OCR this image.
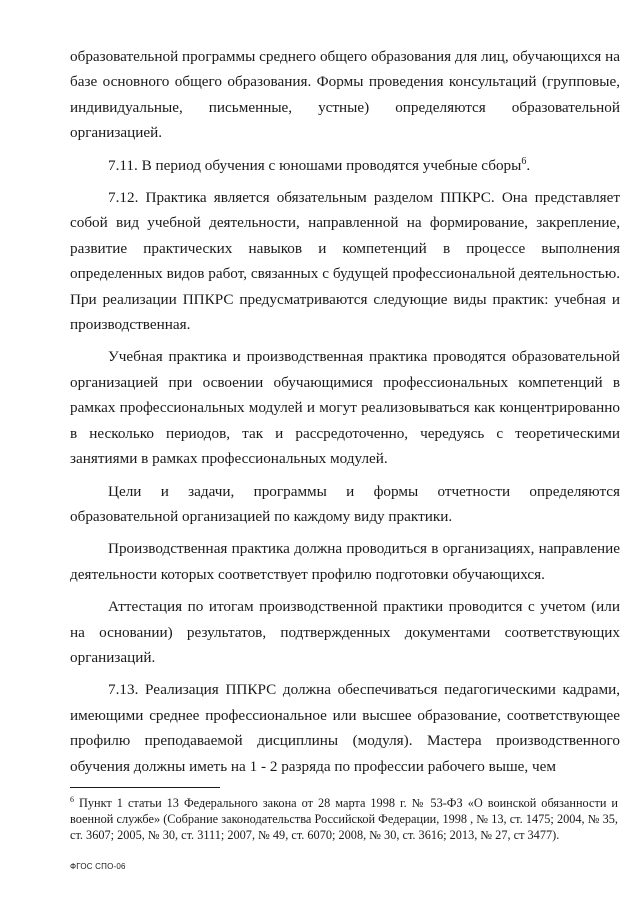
образовательной программы среднего общего образования для лиц, обучающихся на базе основного общего образования. Формы проведения консультаций (групповые, индивидуальные, письменные, устные) определяются образовательной организацией.

7.11. В период обучения с юношами проводятся учебные сборы$^6$.

7.12. Практика является обязательным разделом ППКРС. Она представляет собой вид учебной деятельности, направленной на формирование, закрепление, развитие практических навыков и компетенций в процессе выполнения определенных видов работ, связанных с будущей профессиональной деятельностью. При реализации ППКРС предусматриваются следующие виды практик: учебная и производственная.

Учебная практика и производственная практика проводятся образовательной организацией при освоении обучающимися профессиональных компетенций в рамках профессиональных модулей и могут реализовываться как концентрированно в несколько периодов, так и рассредоточенно, чередуясь с теоретическими занятиями в рамках профессиональных модулей.

Цели и задачи, программы и формы отчетности определяются образовательной организацией по каждому виду практики.

Производственная практика должна проводиться в организациях, направление деятельности которых соответствует профилю подготовки обучающихся.

Аттестация по итогам производственной практики проводится с учетом (или на основании) результатов, подтвержденных документами соответствующих организаций.

7.13. Реализация ППКРС должна обеспечиваться педагогическими кадрами, имеющими среднее профессиональное или высшее образование, соответствующее профилю преподаваемой дисциплины (модуля). Мастера производственного обучения должны иметь на 1 - 2 разряда по профессии рабочего выше, чем

$^6$ Пункт 1 статьи 13 Федерального закона от 28 марта 1998 г. № 53-ФЗ «О воинской обязанности и военной службе» (Собрание законодательства Российской Федерации, 1998 , № 13, ст. 1475; 2004, № 35, ст. 3607; 2005, № 30, ст. 3111; 2007, № 49, ст. 6070; 2008, № 30, ст. 3616; 2013, № 27, ст 3477).
ФГОС СПО-06
